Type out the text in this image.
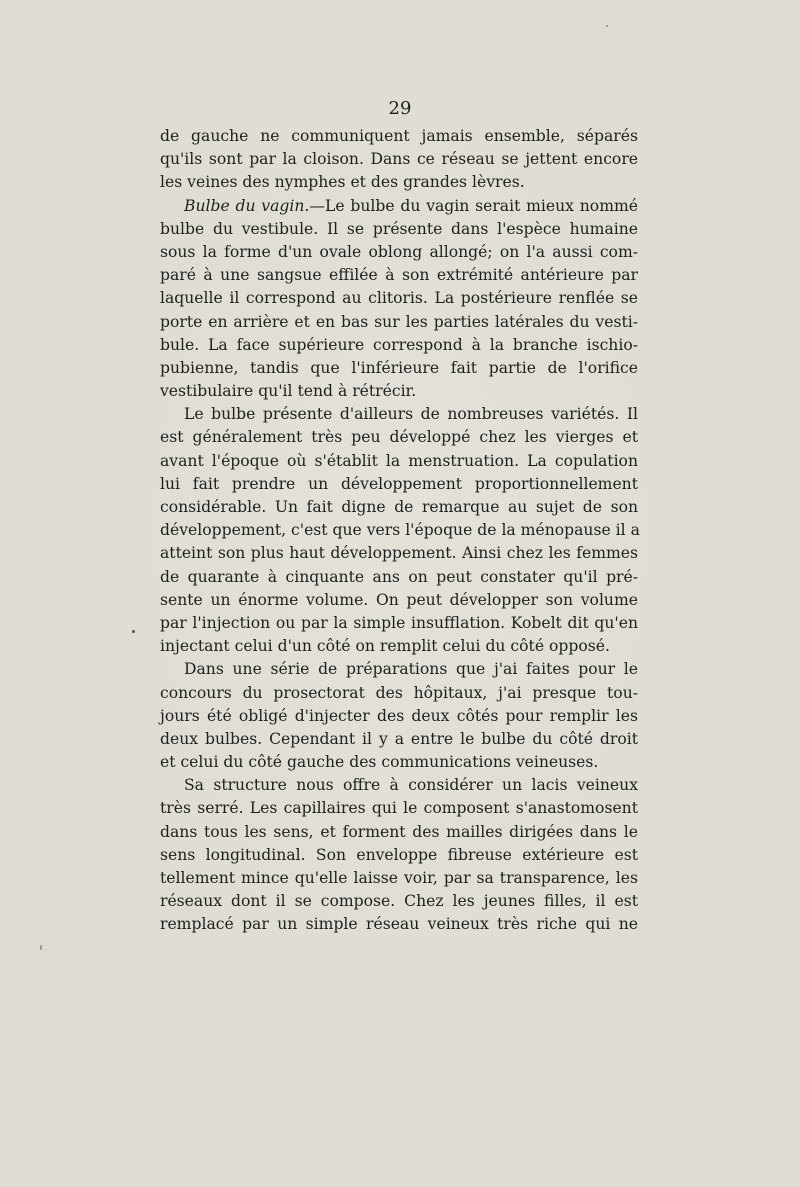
29
de gauche ne communiquent jamais ensemble, séparés
qu'ils sont par la cloison. Dans ce réseau se jettent encore
les veines des nymphes et des grandes lèvres.
Bulbe du vagin.—Le bulbe du vagin serait mieux nommé
bulbe du vestibule. Il se présente dans l'espèce humaine
sous la forme d'un ovale oblong allongé; on l'a aussi com-
paré à une sangsue effilée à son extrémité antérieure par
laquelle il correspond au clitoris. La postérieure renflée se
porte en arrière et en bas sur les parties latérales du vesti-
bule. La face supérieure correspond à la branche ischio-
pubienne, tandis que l'inférieure fait partie de l'orifice
vestibulaire qu'il tend à rétrécir.
Le bulbe présente d'ailleurs de nombreuses variétés. Il
est généralement très peu développé chez les vierges et
avant l'époque où s'établit la menstruation. La copulation
lui fait prendre un développement proportionnellement
considérable. Un fait digne de remarque au sujet de son
développement, c'est que vers l'époque de la ménopause il a
atteint son plus haut développement. Ainsi chez les femmes
de quarante à cinquante ans on peut constater qu'il pré-
sente un énorme volume. On peut développer son volume
par l'injection ou par la simple insufflation. Kobelt dit qu'en
injectant celui d'un côté on remplit celui du côté opposé.
Dans une série de préparations que j'ai faites pour le
concours du prosectorat des hôpitaux, j'ai presque tou-
jours été obligé d'injecter des deux côtés pour remplir les
deux bulbes. Cependant il y a entre le bulbe du côté droit
et celui du côté gauche des communications veineuses.
Sa structure nous offre à considérer un lacis veineux
très serré. Les capillaires qui le composent s'anastomosent
dans tous les sens, et forment des mailles dirigées dans le
sens longitudinal. Son enveloppe fibreuse extérieure est
tellement mince qu'elle laisse voir, par sa transparence, les
réseaux dont il se compose. Chez les jeunes filles, il est
remplacé par un simple réseau veineux très riche qui ne
